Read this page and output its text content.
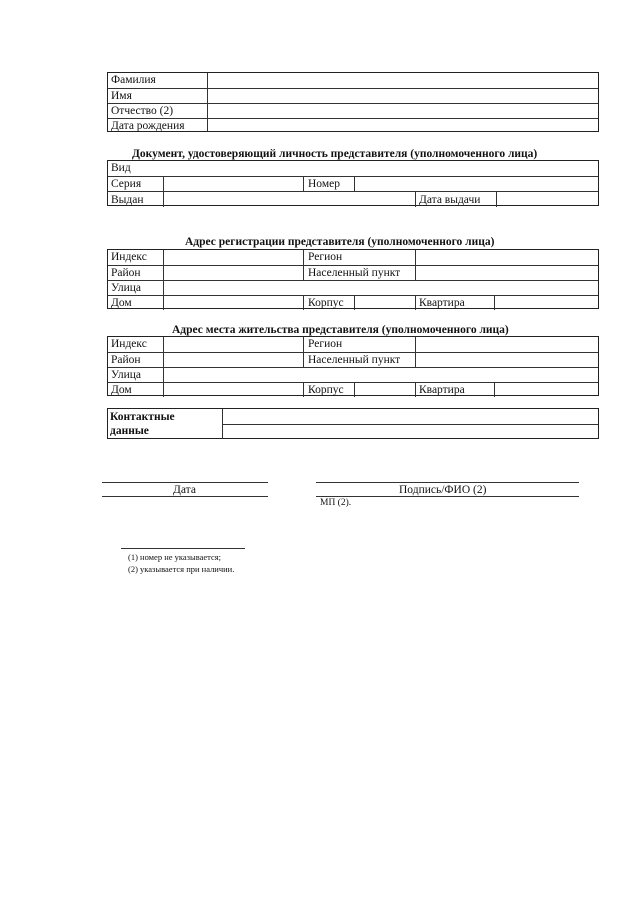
Фамилия
Имя
Отчество (2)
Дата рождения
Документ, удостоверяющий личность представителя (уполномоченного лица)
Вид
Серия	Номер
Выдан	Дата выдачи
Адрес регистрации представителя (уполномоченного лица)
Индекс	Регион
Район	Населенный пункт
Улица
Дом	Корпус	Квартира
Адрес места жительства представителя (уполномоченного лица)
Индекс	Регион
Район	Населенный пункт
Улица
Дом	Корпус	Квартира
Контактные
данные
Дата	Подпись/ФИО (2)
МП (2).
(1) номер не указывается;
(2) указывается при наличии.
